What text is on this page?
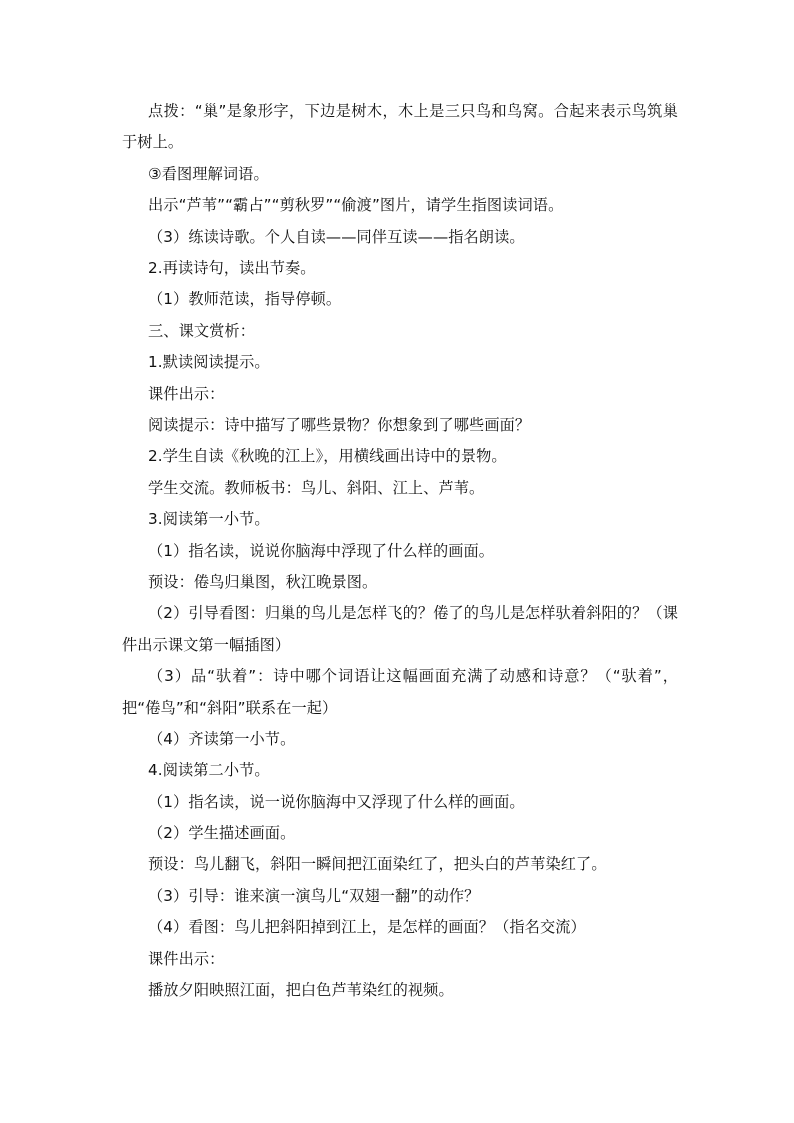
点拨：“巢”是象形字，下边是树木，木上是三只鸟和鸟窝。合起来表示鸟筑巢于树上。
③看图理解词语。
出示“芦苇”“霸占”“剪秋罗”“偷渡”图片，请学生指图读词语。
（3）练读诗歌。个人自读——同伴互读——指名朗读。
2.再读诗句，读出节奏。
（1）教师范读，指导停顿。
三、课文赏析：
1.默读阅读提示。
课件出示：
阅读提示：诗中描写了哪些景物？你想象到了哪些画面？
2.学生自读《秋晚的江上》，用横线画出诗中的景物。
学生交流。教师板书：鸟儿、斜阳、江上、芦苇。
3.阅读第一小节。
（1）指名读，说说你脑海中浮现了什么样的画面。
预设：倦鸟归巢图，秋江晚景图。
（2）引导看图：归巢的鸟儿是怎样飞的？倦了的鸟儿是怎样驮着斜阳的？（课件出示课文第一幅插图）
（3）品“驮着”：诗中哪个词语让这幅画面充满了动感和诗意？（“驮着”，把“倦鸟”和“斜阳”联系在一起）
（4）齐读第一小节。
4.阅读第二小节。
（1）指名读，说一说你脑海中又浮现了什么样的画面。
（2）学生描述画面。
预设：鸟儿翻飞，斜阳一瞬间把江面染红了，把头白的芦苇染红了。
（3）引导：谁来演一演鸟儿“双翅一翻”的动作？
（4）看图：鸟儿把斜阳掉到江上，是怎样的画面？（指名交流）
课件出示：
播放夕阳映照江面，把白色芦苇染红的视频。
